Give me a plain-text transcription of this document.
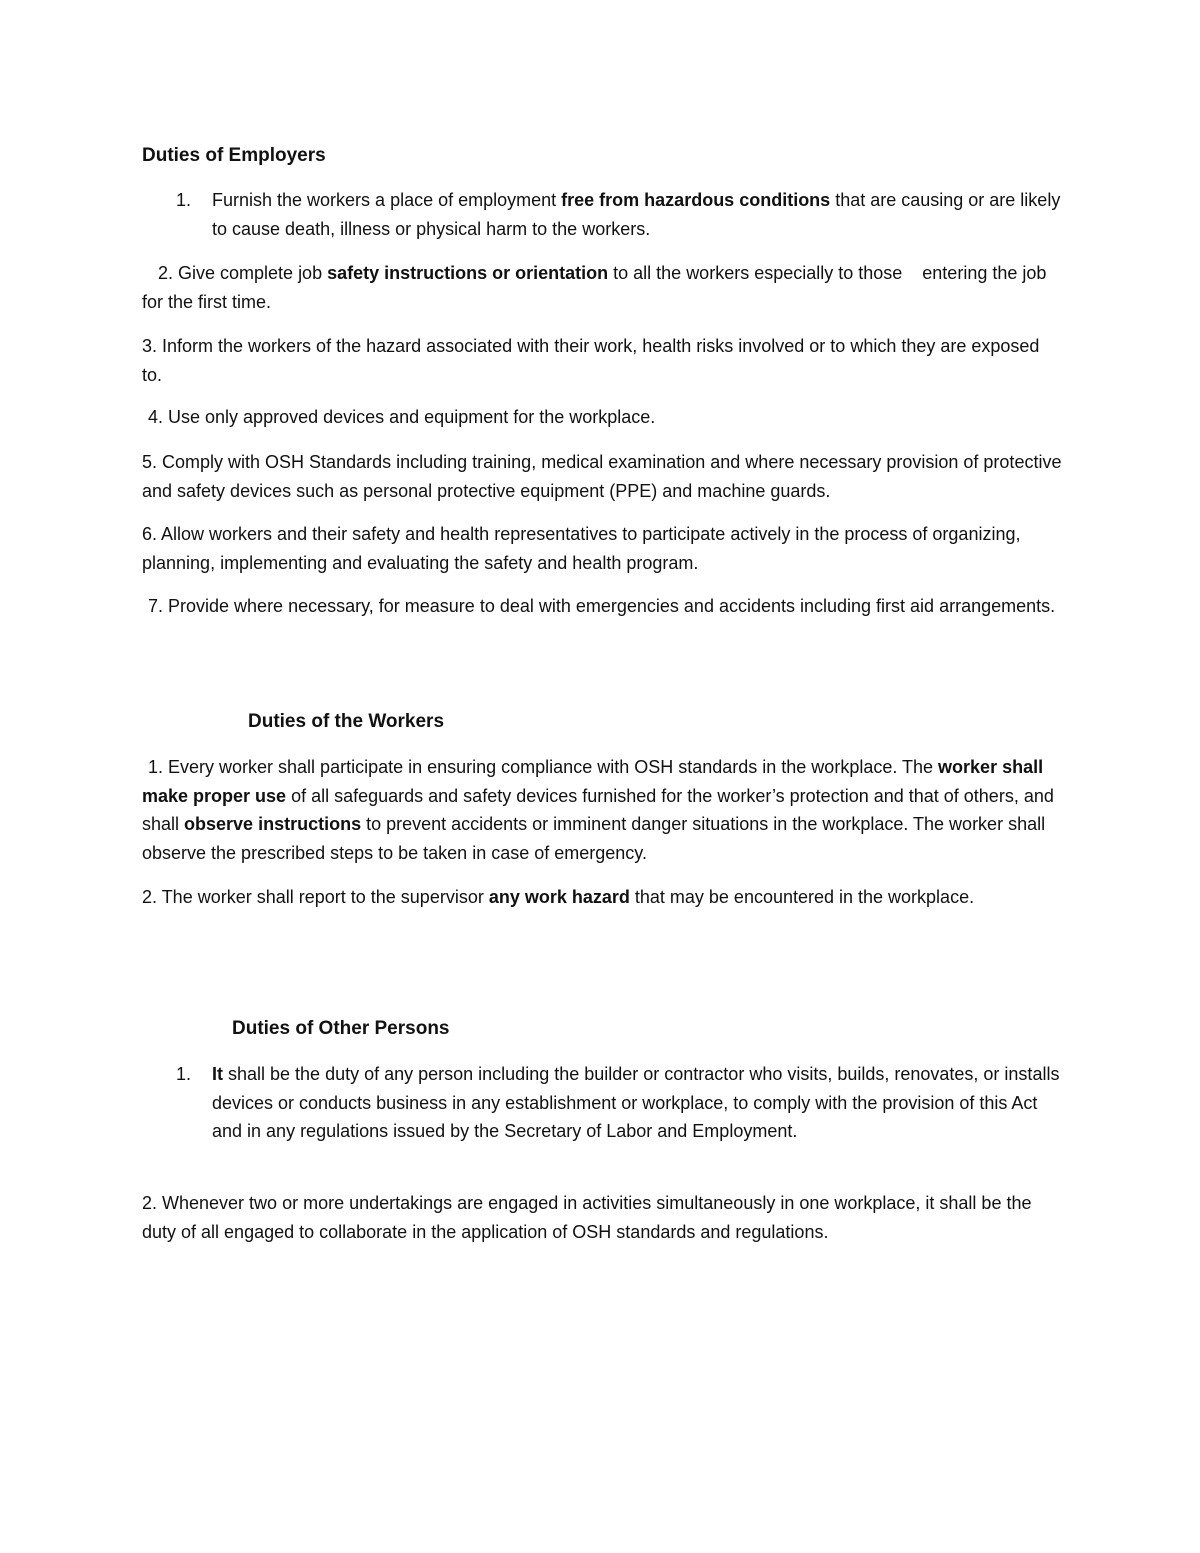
Duties of Employers
1. Furnish the workers a place of employment free from hazardous conditions that are causing or are likely to cause death, illness or physical harm to the workers.
2. Give complete job safety instructions or orientation to all the workers especially to those    entering the job for the first time.
3. Inform the workers of the hazard associated with their work, health risks involved or to which they are exposed to.
4. Use only approved devices and equipment for the workplace.
5. Comply with OSH Standards including training, medical examination and where necessary provision of protective and safety devices such as personal protective equipment (PPE) and machine guards.
6. Allow workers and their safety and health representatives to participate actively in the process of organizing, planning, implementing and evaluating the safety and health program.
7. Provide where necessary, for measure to deal with emergencies and accidents including first aid arrangements.
Duties of the Workers
1. Every worker shall participate in ensuring compliance with OSH standards in the workplace. The worker shall make proper use of all safeguards and safety devices furnished for the worker’s protection and that of others, and shall observe instructions to prevent accidents or imminent danger situations in the workplace. The worker shall observe the prescribed steps to be taken in case of emergency.
2. The worker shall report to the supervisor any work hazard that may be encountered in the workplace.
Duties of Other Persons
1. It shall be the duty of any person including the builder or contractor who visits, builds, renovates, or installs devices or conducts business in any establishment or workplace, to comply with the provision of this Act and in any regulations issued by the Secretary of Labor and Employment.
2. Whenever two or more undertakings are engaged in activities simultaneously in one workplace, it shall be the duty of all engaged to collaborate in the application of OSH standards and regulations.
